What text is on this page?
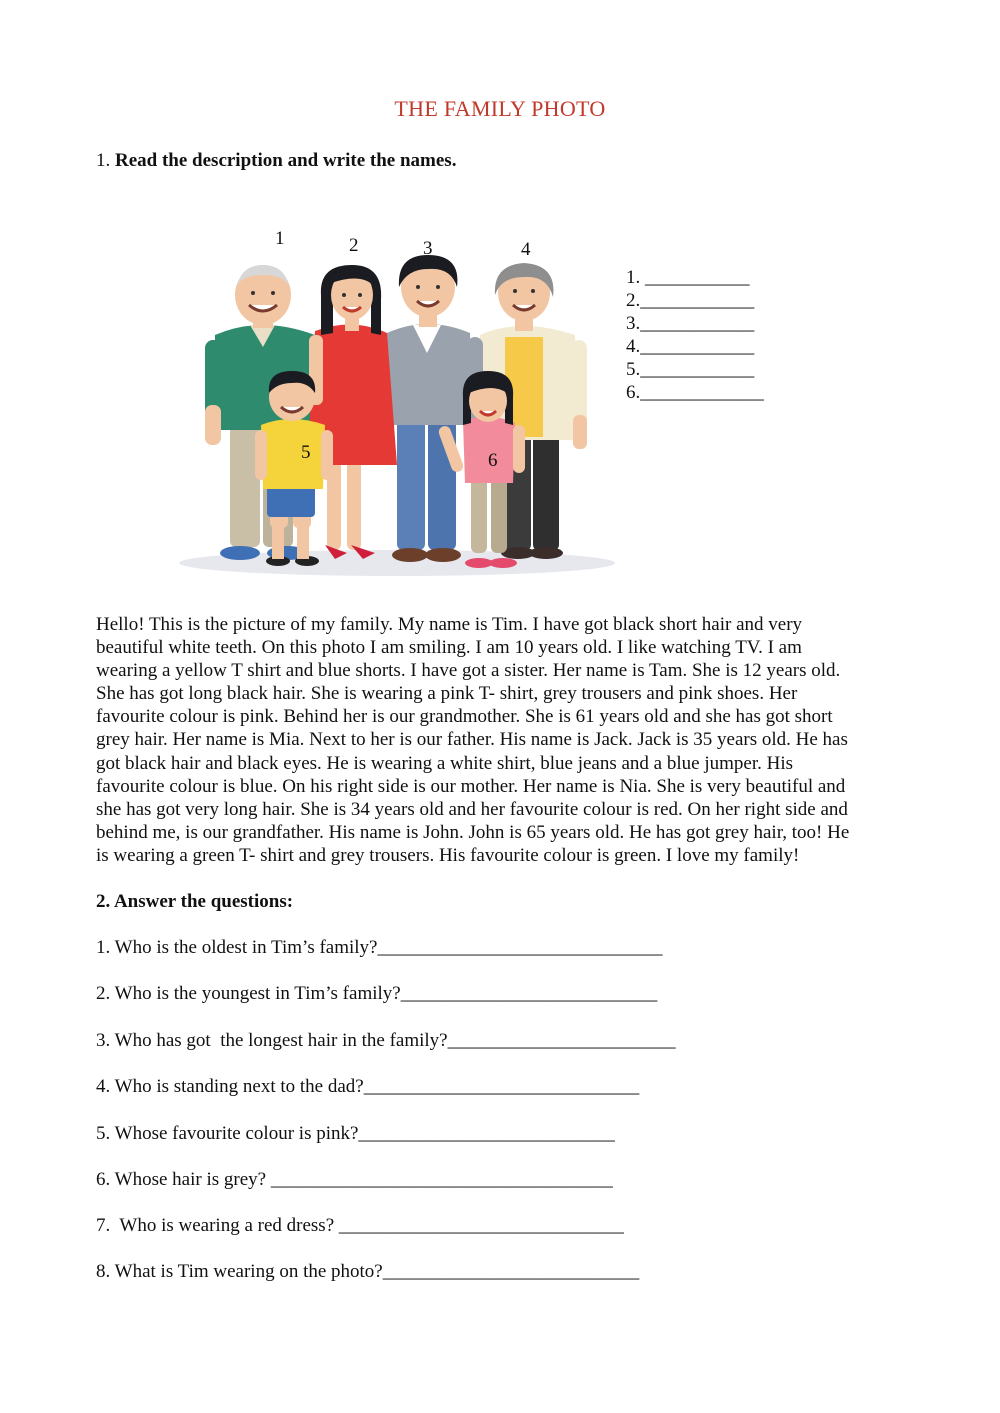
THE FAMILY PHOTO
1. Read the description and write the names.
1	2	3	4
5	6
1. ___________
2.____________
3.____________
4.____________
5.____________
6._____________

Hello! This is the picture of my family. My name is Tim. I have got black short hair and very

beautiful white teeth. On this photo I am smiling. I am 10 years old. I like watching TV. I am

wearing a yellow T shirt and blue shorts. I have got a sister. Her name is Tam. She is 12 years old.

She has got long black hair. She is wearing a pink T- shirt, grey trousers and pink shoes. Her

favourite colour is pink. Behind her is our grandmother. She is 61 years old and she has got short

grey hair. Her name is Mia. Next to her is our father. His name is Jack. Jack is 35 years old. He has

got black hair and black eyes. He is wearing a white shirt, blue jeans and a blue jumper. His

favourite colour is blue. On his right side is our mother. Her name is Nia. She is very beautiful and

she has got very long hair. She is 34 years old and her favourite colour is red. On her right side and

behind me, is our grandfather. His name is John. John is 65 years old. He has got grey hair, too! He

is wearing a green T- shirt and grey trousers. His favourite colour is green. I love my family!

2. Answer the questions:
1. Who is the oldest in Tim’s family?______________________________
2. Who is the youngest in Tim’s family?___________________________
3. Who has got  the longest hair in the family?________________________
4. Who is standing next to the dad?_____________________________
5. Whose favourite colour is pink?___________________________
6. Whose hair is grey? ____________________________________
7.  Who is wearing a red dress? ______________________________
8. What is Tim wearing on the photo?___________________________
